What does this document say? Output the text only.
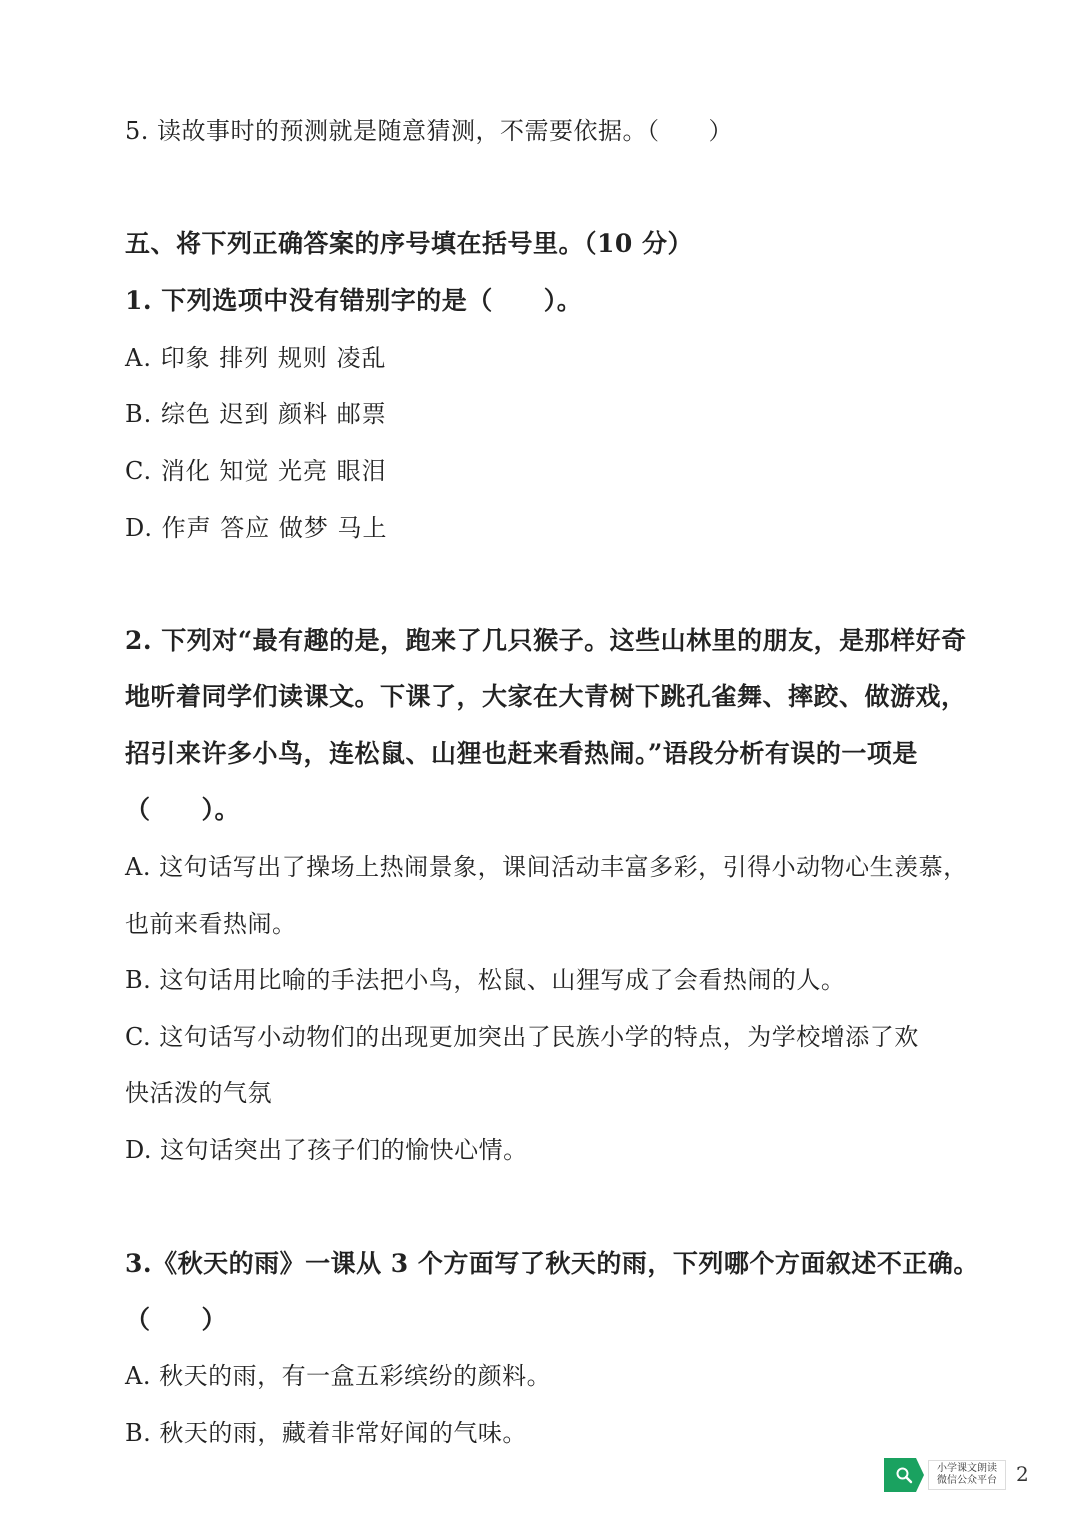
5. 读故事时的预测就是随意猜测，不需要依据。（　　）
五、将下列正确答案的序号填在括号里。（10 分）
1. 下列选项中没有错别字的是（　　）。
A. 印象 排列 规则 凌乱
B. 综色 迟到 颜料 邮票
C. 消化 知觉 光亮 眼泪
D. 作声 答应 做梦 马上
2. 下列对“最有趣的是，跑来了几只猴子。这些山林里的朋友，是那样好奇
地听着同学们读课文。下课了，大家在大青树下跳孔雀舞、摔跤、做游戏，
招引来许多小鸟，连松鼠、山狸也赶来看热闹。”语段分析有误的一项是
（　　）。
A. 这句话写出了操场上热闹景象，课间活动丰富多彩，引得小动物心生羡慕，
也前来看热闹。
B. 这句话用比喻的手法把小鸟，松鼠、山狸写成了会看热闹的人。
C. 这句话写小动物们的出现更加突出了民族小学的特点，为学校增添了欢
快活泼的气氛
D. 这句话突出了孩子们的愉快心情。
3.《秋天的雨》一课从 3 个方面写了秋天的雨，下列哪个方面叙述不正确。
（　　）
A. 秋天的雨，有一盒五彩缤纷的颜料。
B. 秋天的雨，藏着非常好闻的气味。
小学课文朗读
微信公众平台 2
